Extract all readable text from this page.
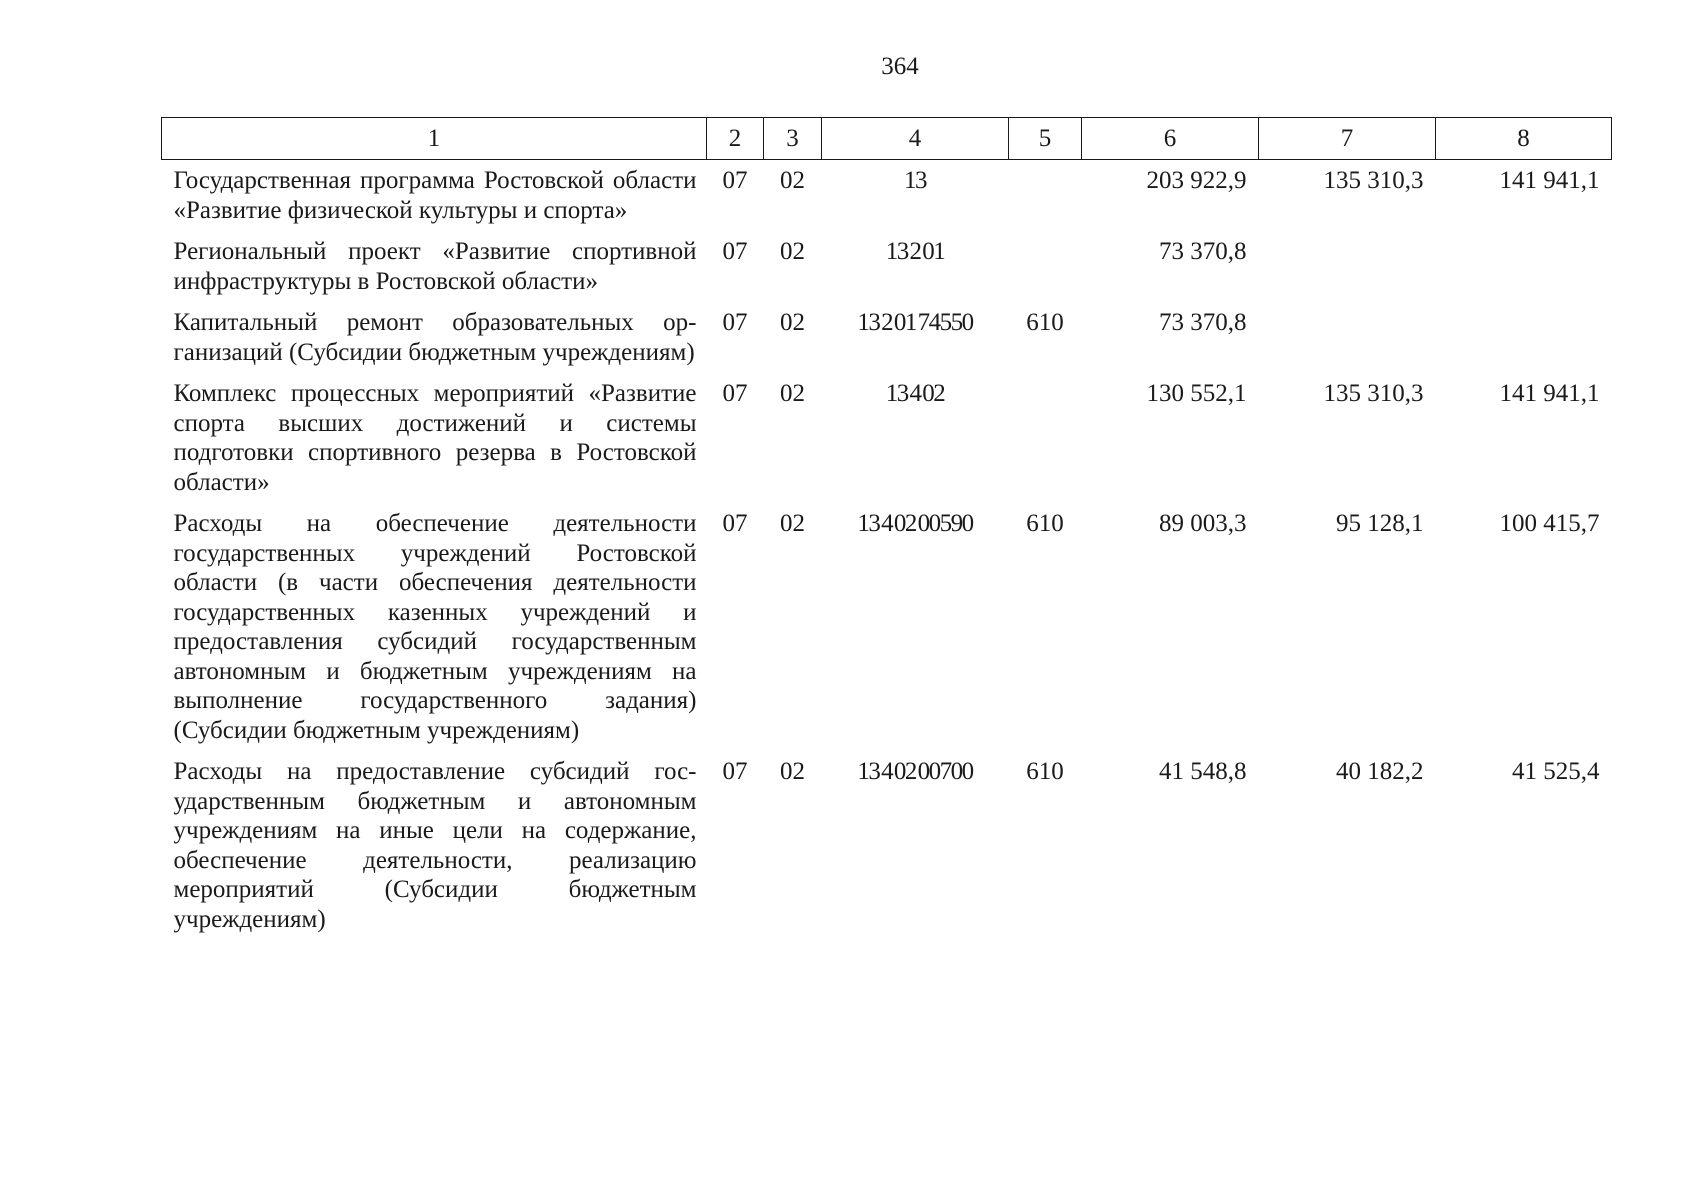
364
1	2	3	4	5	6	7	8
Государственная программа Ростовской области «Развитие физической культуры и спорта»	07	02	13		203 922,9	135 310,3	141 941,1
Региональный проект «Развитие спортивной инфраструктуры в Ростовской области»	07	02	13 2 01		73 370,8		
Капитальный ремонт образовательных организаций (Субсидии бюджетным учреждениям)	07	02	13 2 01 74550	610	73 370,8		
Комплекс процессных мероприятий «Развитие спорта высших достижений и системы подготовки спортивного резерва в Ростовской области»	07	02	13 4 02		130 552,1	135 310,3	141 941,1
Расходы на обеспечение деятельности государственных учреждений Ростовской области (в части обеспечения деятельности государственных казенных учреждений и предоставления субсидий государственным автономным и бюджетным учреждениям на выполнение государственного задания) (Субсидии бюджетным учреждениям)	07	02	13 4 02 00590	610	89 003,3	95 128,1	100 415,7
Расходы на предоставление субсидий государственным бюджетным и автономным учреждениям на иные цели на содержание, обеспечение деятельности, реализацию мероприятий (Субсидии бюджетным учреждениям)	07	02	13 4 02 00700	610	41 548,8	40 182,2	41 525,4
